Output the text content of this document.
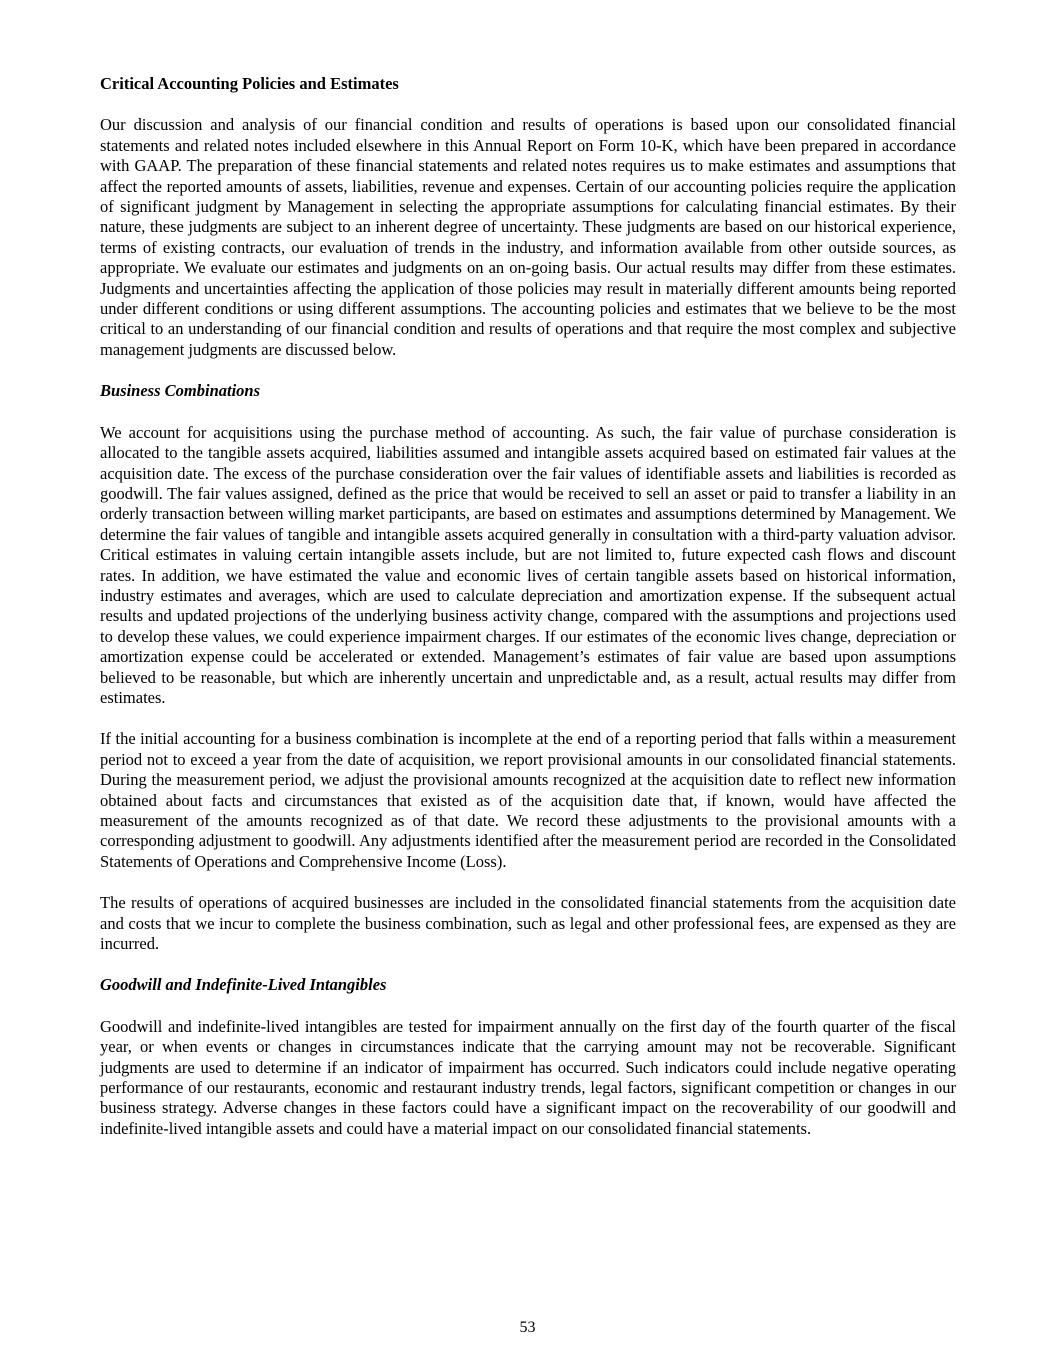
Critical Accounting Policies and Estimates

Our discussion and analysis of our financial condition and results of operations is based upon our consolidated financial statements and related notes included elsewhere in this Annual Report on Form 10-K, which have been prepared in accordance with GAAP. The preparation of these financial statements and related notes requires us to make estimates and assumptions that affect the reported amounts of assets, liabilities, revenue and expenses. Certain of our accounting policies require the application of significant judgment by Management in selecting the appropriate assumptions for calculating financial estimates. By their nature, these judgments are subject to an inherent degree of uncertainty. These judgments are based on our historical experience, terms of existing contracts, our evaluation of trends in the industry, and information available from other outside sources, as appropriate. We evaluate our estimates and judgments on an on-going basis. Our actual results may differ from these estimates. Judgments and uncertainties affecting the application of those policies may result in materially different amounts being reported under different conditions or using different assumptions. The accounting policies and estimates that we believe to be the most critical to an understanding of our financial condition and results of operations and that require the most complex and subjective management judgments are discussed below.

Business Combinations

We account for acquisitions using the purchase method of accounting. As such, the fair value of purchase consideration is allocated to the tangible assets acquired, liabilities assumed and intangible assets acquired based on estimated fair values at the acquisition date. The excess of the purchase consideration over the fair values of identifiable assets and liabilities is recorded as goodwill. The fair values assigned, defined as the price that would be received to sell an asset or paid to transfer a liability in an orderly transaction between willing market participants, are based on estimates and assumptions determined by Management. We determine the fair values of tangible and intangible assets acquired generally in consultation with a third-party valuation advisor. Critical estimates in valuing certain intangible assets include, but are not limited to, future expected cash flows and discount rates. In addition, we have estimated the value and economic lives of certain tangible assets based on historical information, industry estimates and averages, which are used to calculate depreciation and amortization expense. If the subsequent actual results and updated projections of the underlying business activity change, compared with the assumptions and projections used to develop these values, we could experience impairment charges. If our estimates of the economic lives change, depreciation or amortization expense could be accelerated or extended. Management’s estimates of fair value are based upon assumptions believed to be reasonable, but which are inherently uncertain and unpredictable and, as a result, actual results may differ from estimates.

If the initial accounting for a business combination is incomplete at the end of a reporting period that falls within a measurement period not to exceed a year from the date of acquisition, we report provisional amounts in our consolidated financial statements. During the measurement period, we adjust the provisional amounts recognized at the acquisition date to reflect new information obtained about facts and circumstances that existed as of the acquisition date that, if known, would have affected the measurement of the amounts recognized as of that date. We record these adjustments to the provisional amounts with a corresponding adjustment to goodwill. Any adjustments identified after the measurement period are recorded in the Consolidated Statements of Operations and Comprehensive Income (Loss).

The results of operations of acquired businesses are included in the consolidated financial statements from the acquisition date and costs that we incur to complete the business combination, such as legal and other professional fees, are expensed as they are incurred.

Goodwill and Indefinite-Lived Intangibles

Goodwill and indefinite-lived intangibles are tested for impairment annually on the first day of the fourth quarter of the fiscal year, or when events or changes in circumstances indicate that the carrying amount may not be recoverable. Significant judgments are used to determine if an indicator of impairment has occurred. Such indicators could include negative operating performance of our restaurants, economic and restaurant industry trends, legal factors, significant competition or changes in our business strategy. Adverse changes in these factors could have a significant impact on the recoverability of our goodwill and indefinite-lived intangible assets and could have a material impact on our consolidated financial statements.

53
